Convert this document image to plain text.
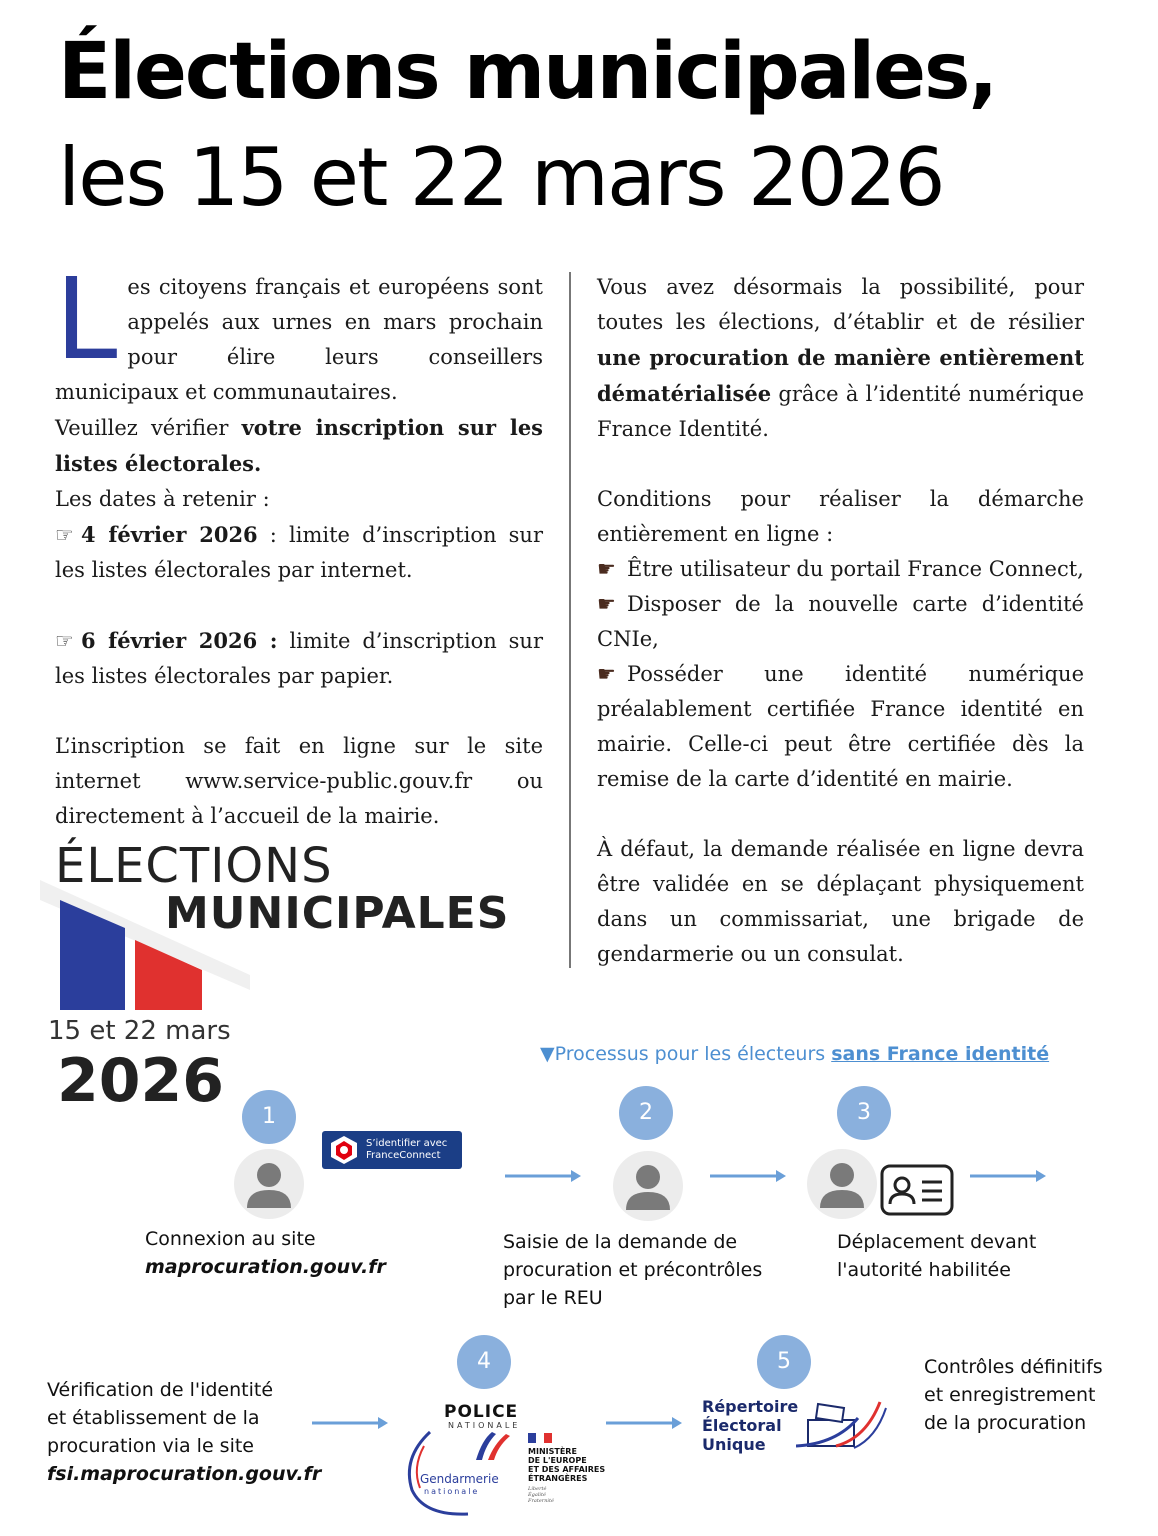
Élections municipales,
les 15 et 22 mars 2026

Les citoyens français et européens sont appelés aux urnes en mars prochain pour élire leurs conseillers municipaux et communautaires.

Veuillez vérifier votre inscription sur les listes électorales.

Les dates à retenir :

☞ 4 février 2026 : limite d’inscription sur les listes électorales par internet.

☞ 6 février 2026 : limite d’inscription sur les listes électorales par papier.

L’inscription se fait en ligne sur le site internet www.service-public.gouv.fr ou directement à l’accueil de la mairie.

Vous avez désormais la possibilité, pour toutes les élections, d’établir et de résilier une procuration de manière entièrement dématérialisée grâce à l’identité numérique France Identité.

Conditions pour réaliser la démarche entièrement en ligne :

☛ Être utilisateur du portail France Connect,

☛ Disposer de la nouvelle carte d’identité CNIe,

☛ Posséder une identité numérique préalablement certifiée France identité en mairie. Celle-ci peut être certifiée dès la remise de la carte d’identité en mairie.

À défaut, la demande réalisée en ligne devra être validée en se déplaçant physiquement dans un commissariat, une brigade de gendarmerie ou un consulat.

ÉLECTIONS
MUNICIPALES
15 et 22 mars
2026	▼Processus pour les électeurs sans France identité
1
S’identifier avec
FranceConnect
Connexion au site
maprocuration.gouv.fr
2
Saisie de la demande de
procuration et précontrôles
par le REU
3
Déplacement devant
l'autorité habilitée
Vérification de l'identité
et établissement de la
procuration via le site
fsi.maprocuration.gouv.fr
4
POLICE
NATIONALE
Gendarmerie
nationale
MINISTÈRE
DE L'EUROPE
ET DES AFFAIRES
ÉTRANGÈRES
Liberté
Égalité
Fraternité
5
Répertoire
Électoral
Unique
Contrôles définitifs
et enregistrement
de la procuration
